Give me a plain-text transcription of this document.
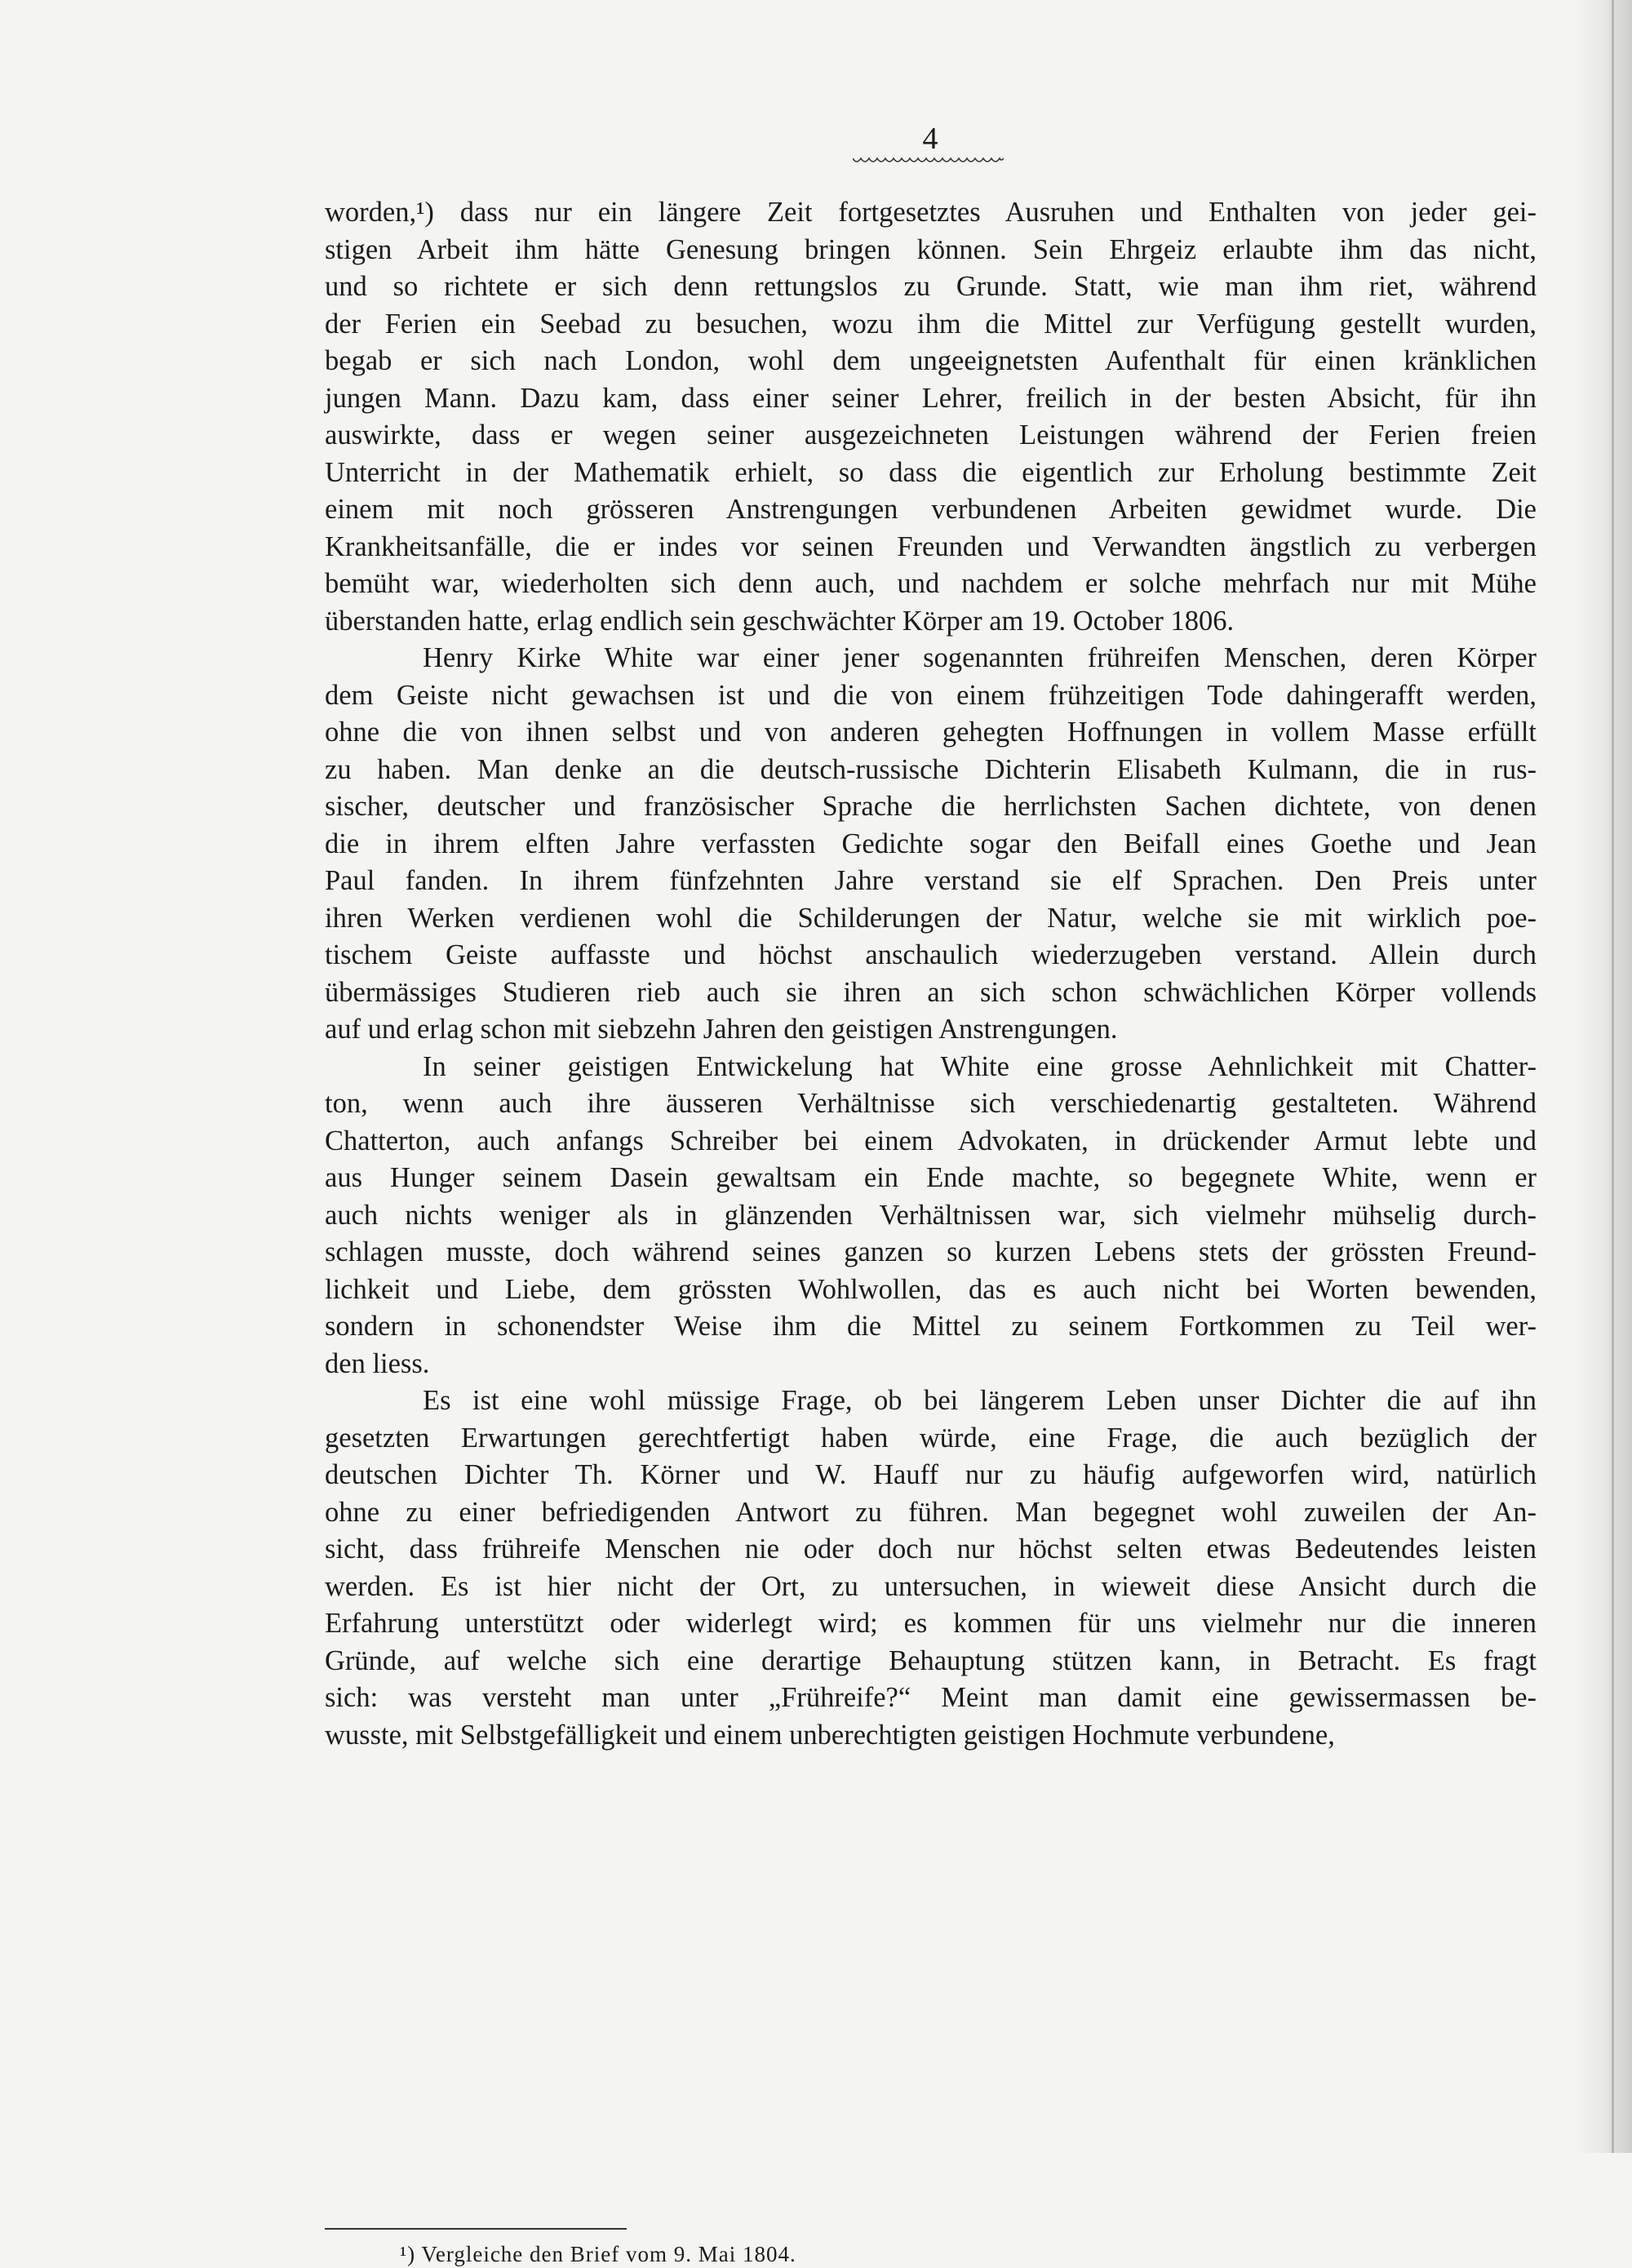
4
worden,¹) dass nur ein längere Zeit fortgesetztes Ausruhen und Enthalten von jeder gei-
stigen Arbeit ihm hätte Genesung bringen können. Sein Ehrgeiz erlaubte ihm das nicht,
und so richtete er sich denn rettungslos zu Grunde. Statt, wie man ihm riet, während
der Ferien ein Seebad zu besuchen, wozu ihm die Mittel zur Verfügung gestellt wurden,
begab er sich nach London, wohl dem ungeeignetsten Aufenthalt für einen kränklichen
jungen Mann. Dazu kam, dass einer seiner Lehrer, freilich in der besten Absicht, für ihn
auswirkte, dass er wegen seiner ausgezeichneten Leistungen während der Ferien freien
Unterricht in der Mathematik erhielt, so dass die eigentlich zur Erholung bestimmte Zeit
einem mit noch grösseren Anstrengungen verbundenen Arbeiten gewidmet wurde. Die
Krankheitsanfälle, die er indes vor seinen Freunden und Verwandten ängstlich zu verbergen
bemüht war, wiederholten sich denn auch, und nachdem er solche mehrfach nur mit Mühe
überstanden hatte, erlag endlich sein geschwächter Körper am 19. October 1806.
Henry Kirke White war einer jener sogenannten frühreifen Menschen, deren Körper
dem Geiste nicht gewachsen ist und die von einem frühzeitigen Tode dahingerafft werden,
ohne die von ihnen selbst und von anderen gehegten Hoffnungen in vollem Masse erfüllt
zu haben. Man denke an die deutsch-russische Dichterin Elisabeth Kulmann, die in rus-
sischer, deutscher und französischer Sprache die herrlichsten Sachen dichtete, von denen
die in ihrem elften Jahre verfassten Gedichte sogar den Beifall eines Goethe und Jean
Paul fanden. In ihrem fünfzehnten Jahre verstand sie elf Sprachen. Den Preis unter
ihren Werken verdienen wohl die Schilderungen der Natur, welche sie mit wirklich poe-
tischem Geiste auffasste und höchst anschaulich wiederzugeben verstand. Allein durch
übermässiges Studieren rieb auch sie ihren an sich schon schwächlichen Körper vollends
auf und erlag schon mit siebzehn Jahren den geistigen Anstrengungen.
In seiner geistigen Entwickelung hat White eine grosse Aehnlichkeit mit Chatter-
ton, wenn auch ihre äusseren Verhältnisse sich verschiedenartig gestalteten. Während
Chatterton, auch anfangs Schreiber bei einem Advokaten, in drückender Armut lebte und
aus Hunger seinem Dasein gewaltsam ein Ende machte, so begegnete White, wenn er
auch nichts weniger als in glänzenden Verhältnissen war, sich vielmehr mühselig durch-
schlagen musste, doch während seines ganzen so kurzen Lebens stets der grössten Freund-
lichkeit und Liebe, dem grössten Wohlwollen, das es auch nicht bei Worten bewenden,
sondern in schonendster Weise ihm die Mittel zu seinem Fortkommen zu Teil wer-
den liess.
Es ist eine wohl müssige Frage, ob bei längerem Leben unser Dichter die auf ihn
gesetzten Erwartungen gerechtfertigt haben würde, eine Frage, die auch bezüglich der
deutschen Dichter Th. Körner und W. Hauff nur zu häufig aufgeworfen wird, natürlich
ohne zu einer befriedigenden Antwort zu führen. Man begegnet wohl zuweilen der An-
sicht, dass frühreife Menschen nie oder doch nur höchst selten etwas Bedeutendes leisten
werden. Es ist hier nicht der Ort, zu untersuchen, in wieweit diese Ansicht durch die
Erfahrung unterstützt oder widerlegt wird; es kommen für uns vielmehr nur die inneren
Gründe, auf welche sich eine derartige Behauptung stützen kann, in Betracht. Es fragt
sich: was versteht man unter „Frühreife?“ Meint man damit eine gewissermassen be-
wusste, mit Selbstgefälligkeit und einem unberechtigten geistigen Hochmute verbundene,
¹) Vergleiche den Brief vom 9. Mai 1804.
